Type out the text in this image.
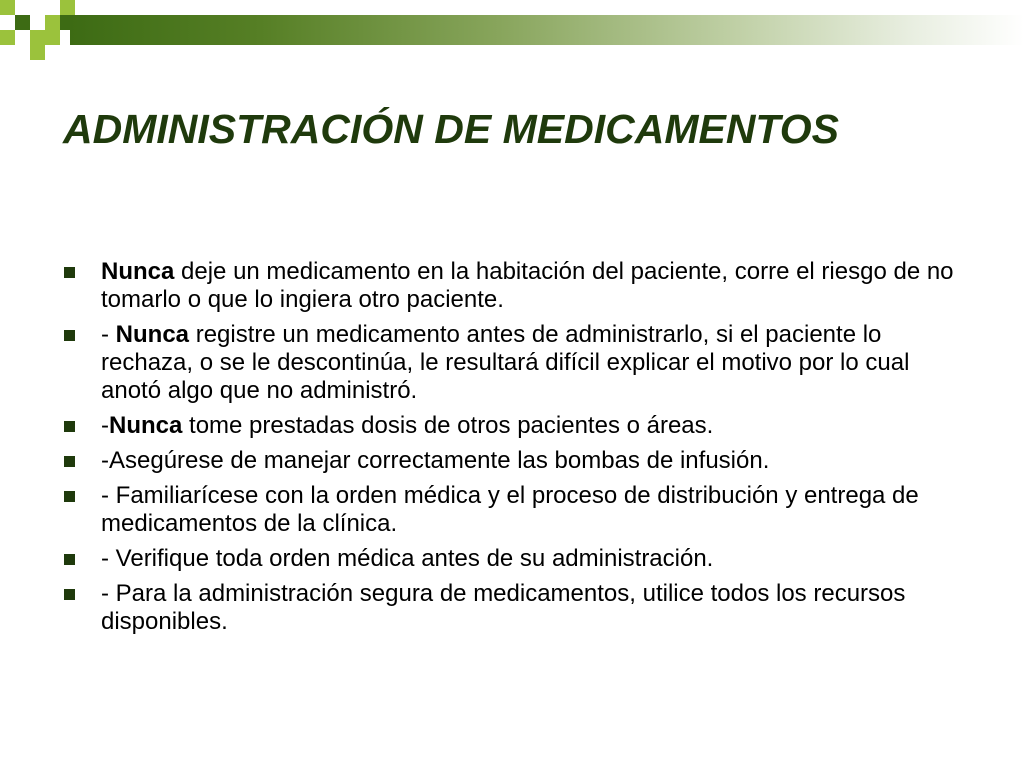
ADMINISTRACIÓN DE MEDICAMENTOS
Nunca deje un medicamento en la habitación del paciente, corre el riesgo de no tomarlo o que lo ingiera otro paciente.
- Nunca registre un medicamento antes de administrarlo, si el paciente lo rechaza, o se le descontinúa, le resultará difícil explicar el motivo por lo cual anotó algo que no administró.
-Nunca tome prestadas dosis de otros pacientes o áreas.
-Asegúrese de manejar correctamente las bombas de infusión.
- Familiarícese con la orden médica y el proceso de distribución y entrega de medicamentos de la clínica.
- Verifique toda orden médica antes de su administración.
- Para la administración segura de medicamentos, utilice todos los recursos disponibles.
